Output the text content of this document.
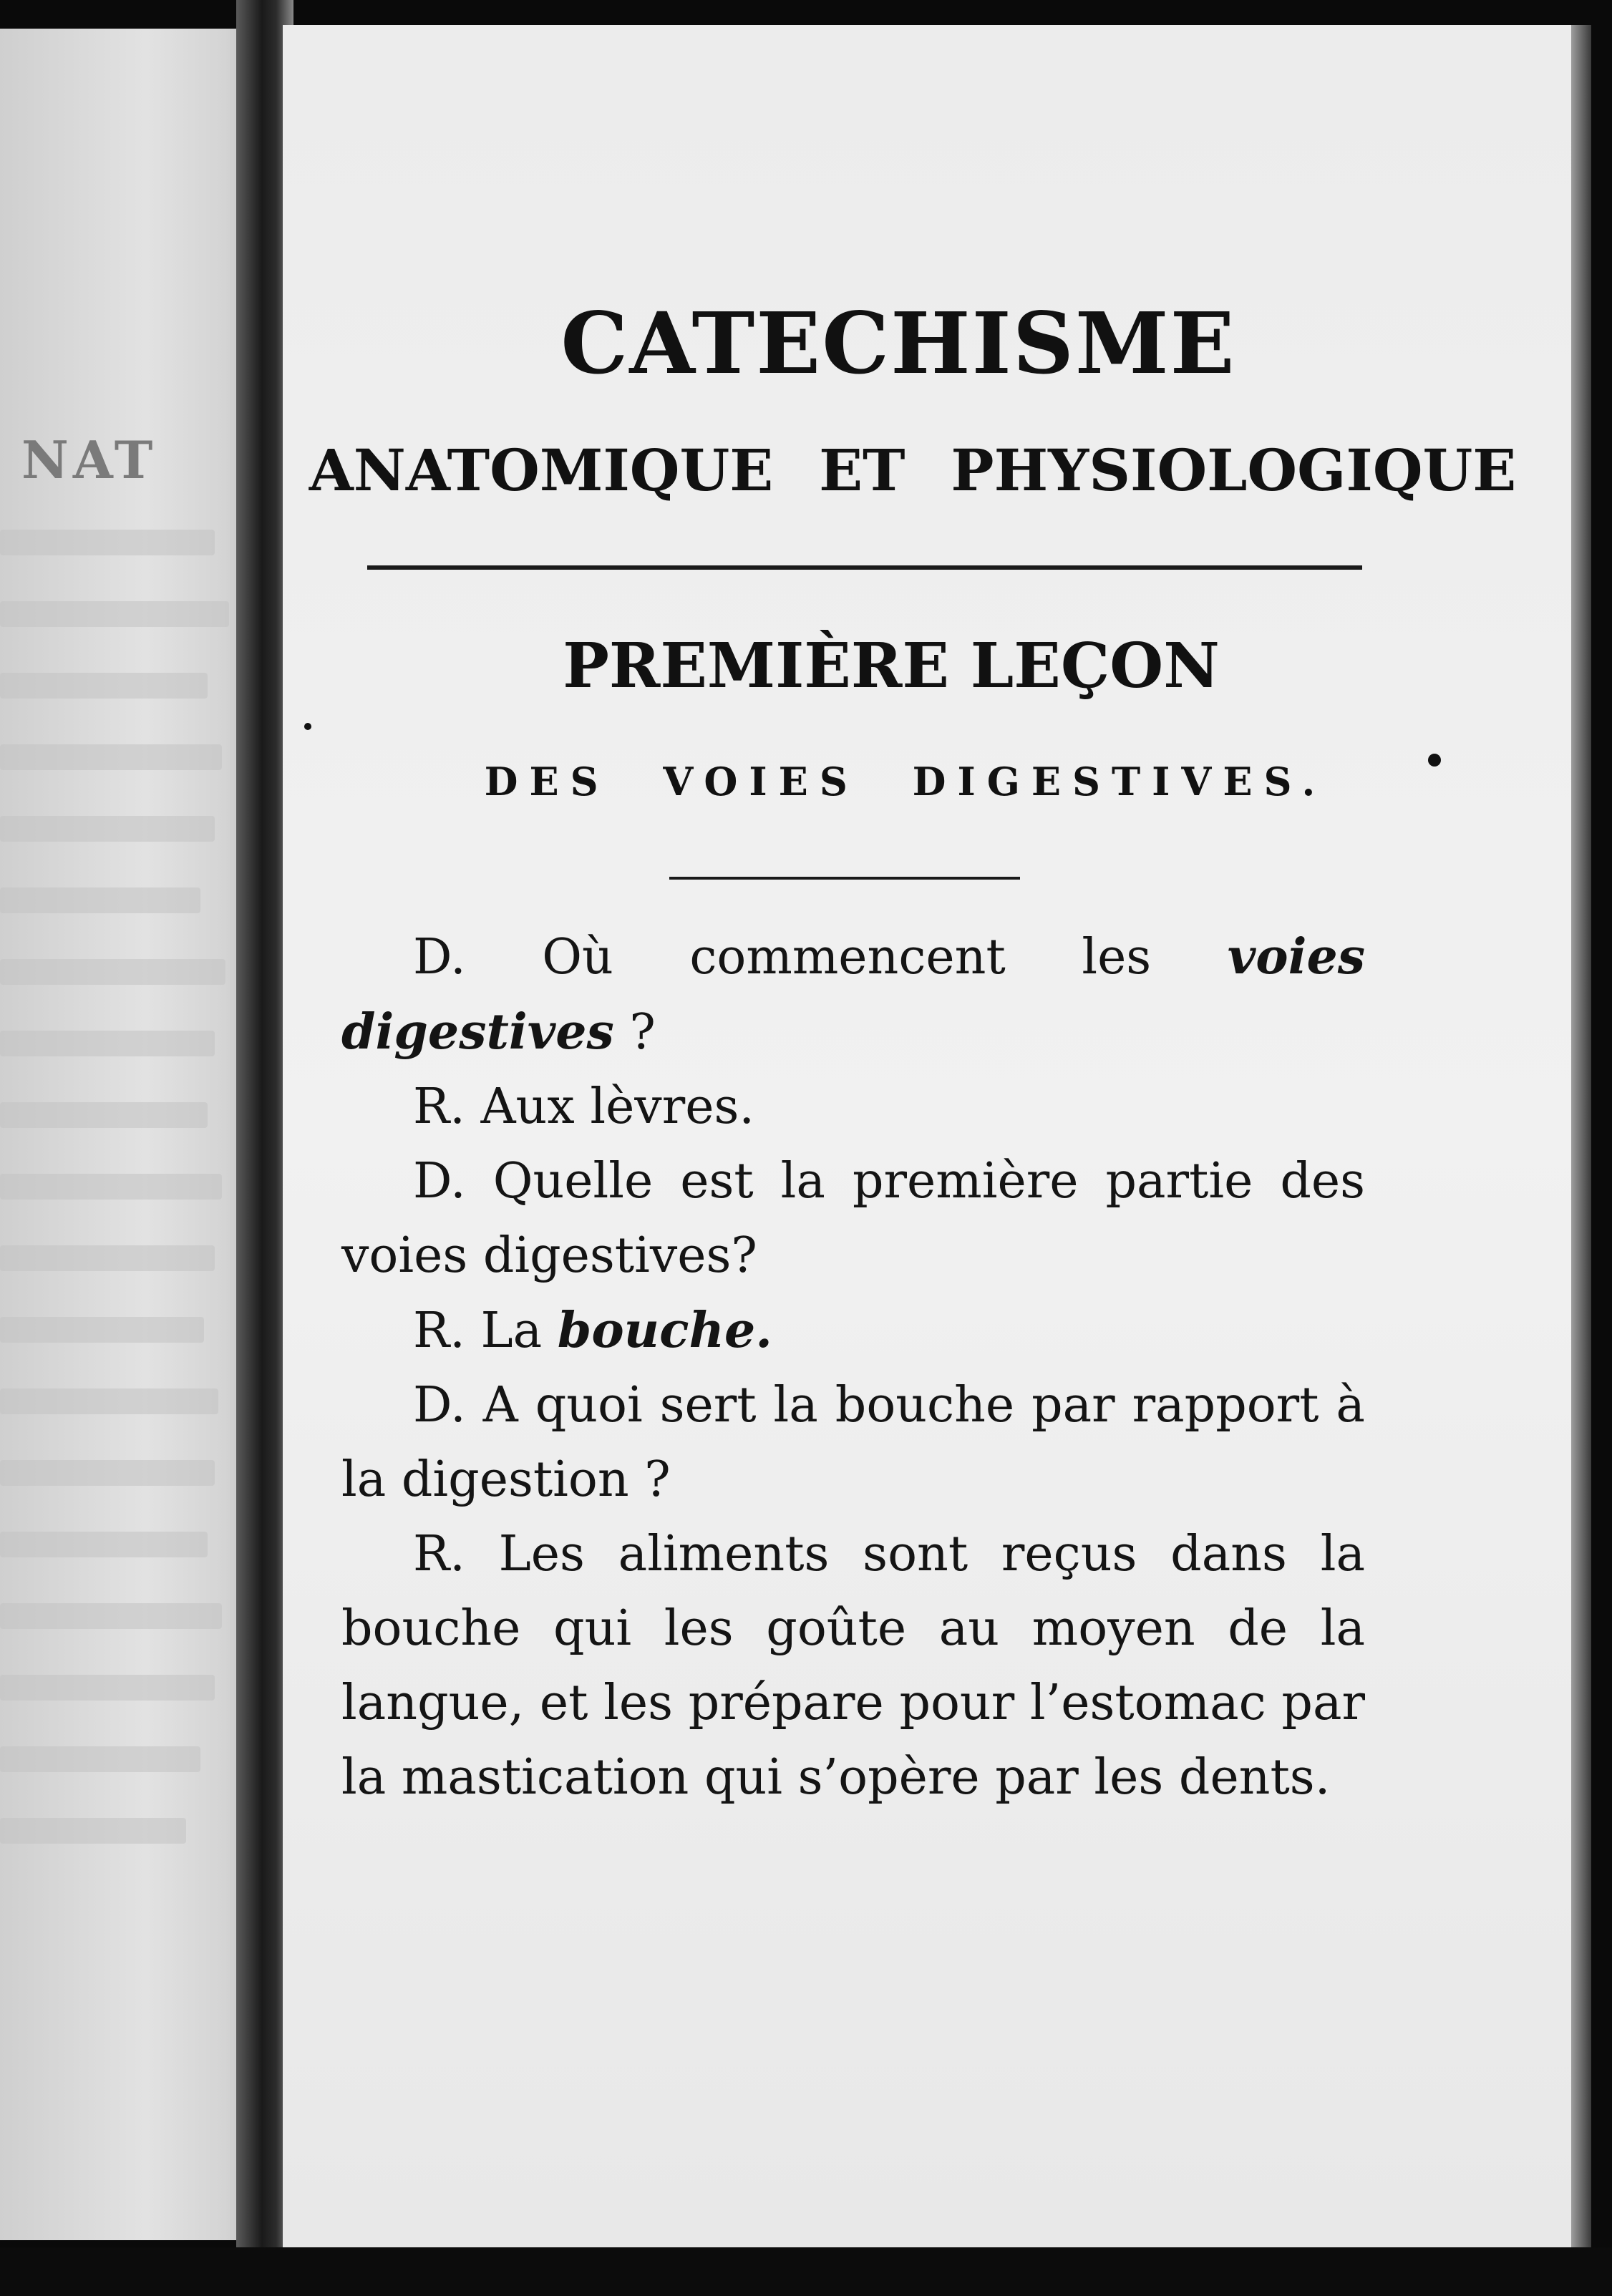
NAT
CATECHISME
ANATOMIQUE ET PHYSIOLOGIQUE
PREMIÈRE LEÇON
DES VOIES DIGESTIVES.

D. Où commencent les voies digestives ?

R. Aux lèvres.

D. Quelle est la première partie des voies digestives?

R. La bouche.

D. A quoi sert la bouche par rapport à la digestion ?

R. Les aliments sont reçus dans la bouche qui les goûte au moyen de la langue, et les prépare pour l’estomac par la mastication qui s’opère par les dents.
